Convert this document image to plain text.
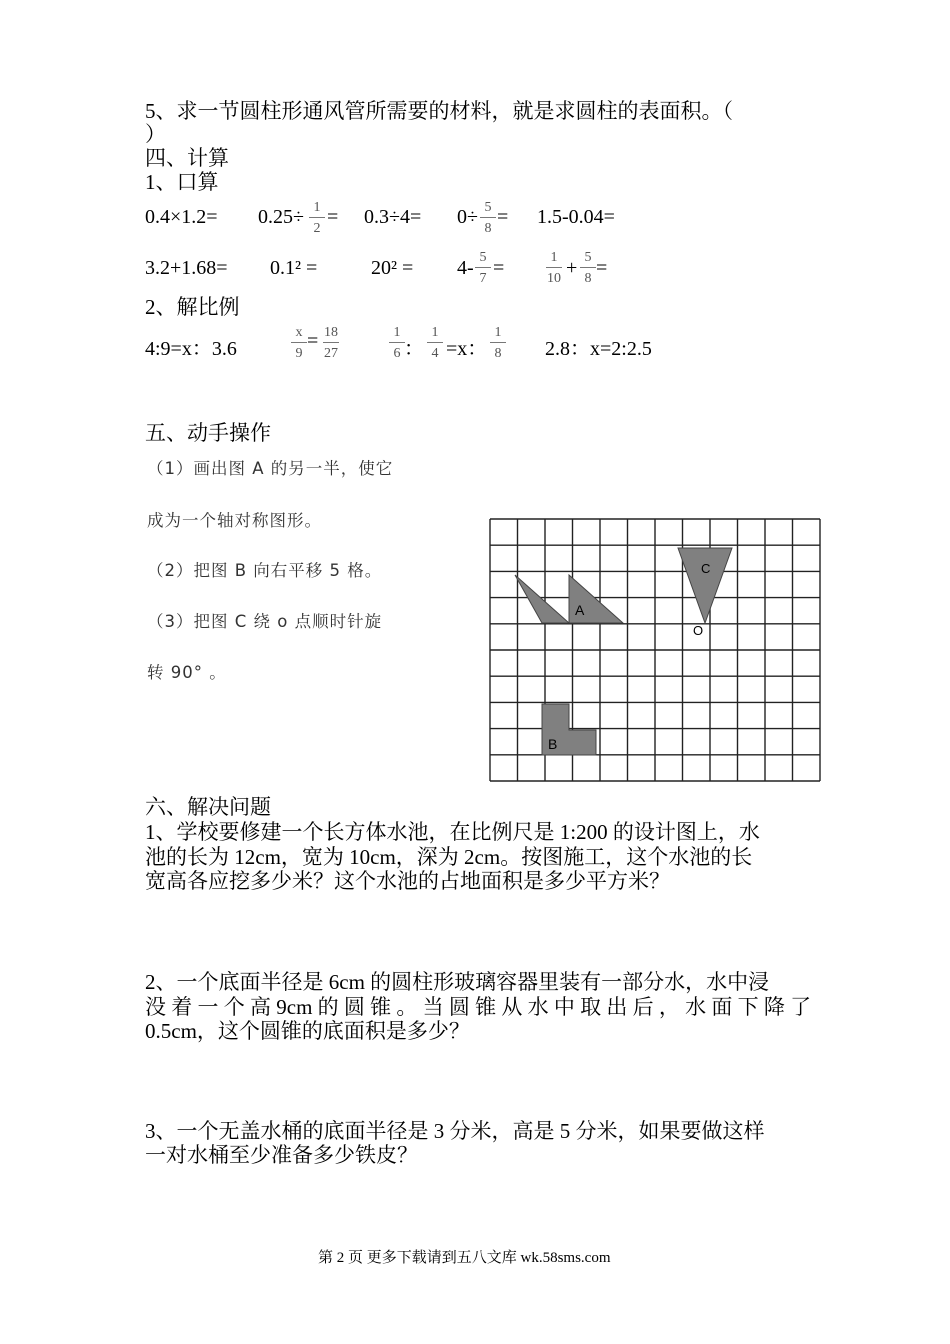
5、求一节圆柱形通风管所需要的材料，就是求圆柱的表面积。（
）
四、计算
1、口算
0.4×1.2= 0.25÷ 1
2
= 0.3÷4= 0÷ 5
8
= 1.5-0.04=
3.2+1.68= 0.1² =	20² = 4- 5
7 =	1
10 + 5
8 =
2、解比例
4:9=x：3.6
x
9
= 18
27
1
6 ：
1
4 =x：
1
8	2.8：x=2:2.5
五、动手操作
（1）画出图 A 的另一半，使它
成为一个轴对称图形。
（2）把图 B 向右平移 5 格。
（3）把图 C 绕 o 点顺时针旋
转 90° 。
A
B
C
O
六、解决问题
1、学校要修建一个长方体水池，在比例尺是 1:200 的设计图上，水
池的长为 12cm，宽为 10cm，深为 2cm。按图施工，这个水池的长
宽高各应挖多少米？这个水池的占地面积是多少平方米？
2、一个底面半径是 6cm 的圆柱形玻璃容器里装有一部分水，水中浸
没 着 一 个 高 9cm 的 圆 锥 。 当 圆 锥 从 水 中 取 出 后 ， 水 面 下 降 了
0.5cm，这个圆锥的底面积是多少？
3、一个无盖水桶的底面半径是 3 分米，高是 5 分米，如果要做这样
一对水桶至少准备多少铁皮？
第 2 页 更多下载请到五八文库 wk.58sms.com
